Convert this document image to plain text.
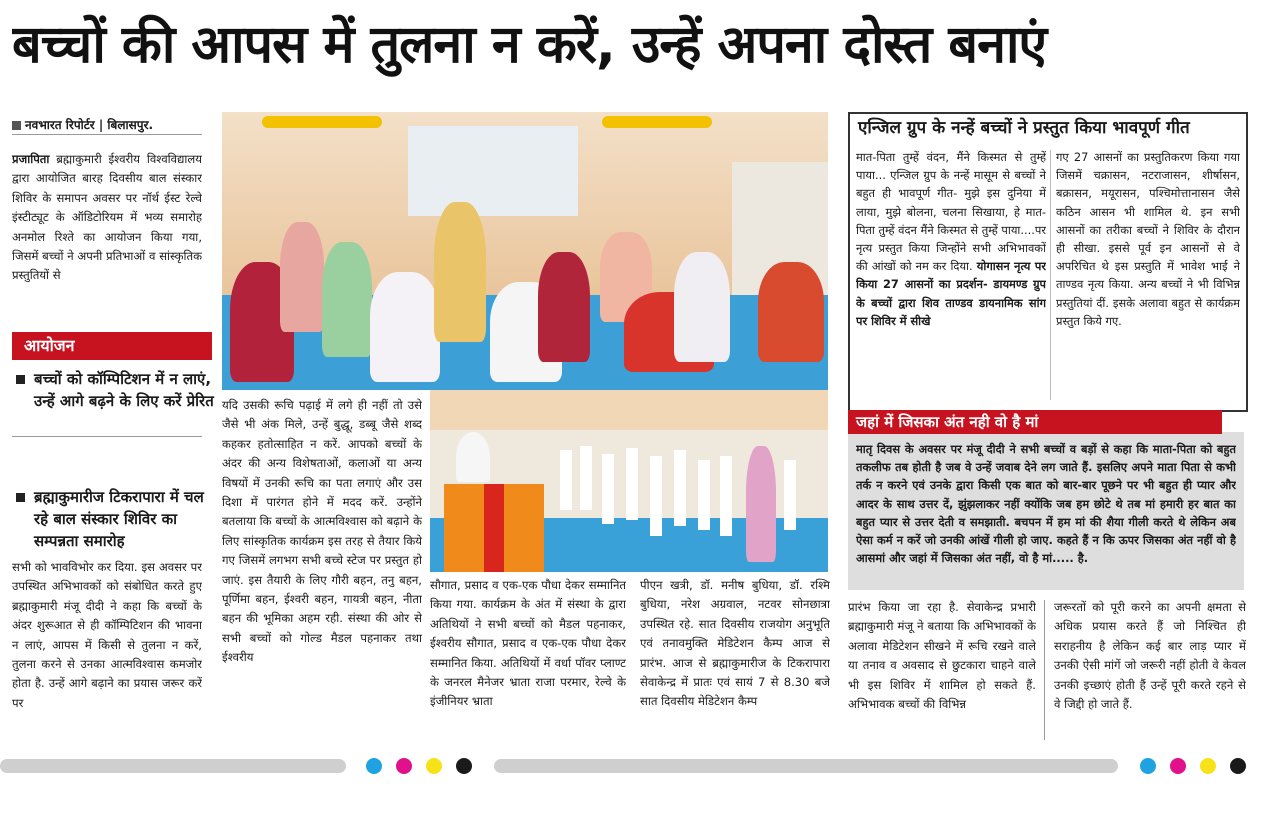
बच्चों की आपस में तुलना न करें, उन्हें अपना दोस्त बनाएं
नवभारत रिपोर्टर | बिलासपुर.
प्रजापिता ब्रह्माकुमारी ईश्वरीय विश्वविद्यालय द्वारा आयोजित बारह दिवसीय बाल संस्कार शिविर के समापन अवसर पर नॉर्थ ईस्ट रेल्वे इंस्टीट्यूट के ऑडिटोरियम में भव्य समारोह अनमोल रिश्ते का आयोजन किया गया, जिसमें बच्चों ने अपनी प्रतिभाओं व सांस्कृतिक प्रस्तुतियों से
आयोजन
बच्चों को कॉम्पिटिशन में न लाएं, उन्हें आगे बढ़ने के लिए करें प्रेरित
ब्रह्माकुमारीज टिकरापारा में चल रहे बाल संस्कार शिविर का सम्पन्नता समारोह
सभी को भावविभोर कर दिया. इस अवसर पर उपस्थित अभिभावकों को संबोधित करते हुए ब्रह्माकुमारी मंजू दीदी ने कहा कि बच्चों के अंदर शुरूआत से ही कॉम्पिटिशन की भावना न लाएं, आपस में किसी से तुलना न करें, तुलना करने से उनका आत्मविश्वास कमजोर होता है. उन्हें आगे बढ़ाने का प्रयास जरूर करें पर
यदि उसकी रूचि पढ़ाई में लगे ही नहीं तो उसे जैसे भी अंक मिले, उन्हें बुद्धू, डब्बू जैसे शब्द कहकर हतोत्साहित न करें. आपको बच्चों के अंदर की अन्य विशेषताओं, कलाओं या अन्य विषयों में उनकी रूचि का पता लगाएं और उस दिशा में पारंगत होने में मदद करें. उन्होंने बतलाया कि बच्चों के आत्मविश्वास को बढ़ाने के लिए सांस्कृतिक कार्यक्रम इस तरह से तैयार किये गए जिसमें लगभग सभी बच्चे स्टेज पर प्रस्तुत हो जाएं. इस तैयारी के लिए गौरी बहन, तनु बहन, पूर्णिमा बहन, ईश्वरी बहन, गायत्री बहन, नीता बहन की भूमिका अहम रही. संस्था की ओर से सभी बच्चों को गोल्ड मैडल पहनाकर तथा ईश्वरीय
सौगात, प्रसाद व एक-एक पौधा देकर सम्मानित किया गया. कार्यक्रम के अंत में संस्था के द्वारा अतिथियों ने सभी बच्चों को मैडल पहनाकर, ईश्वरीय सौगात, प्रसाद व एक-एक पौधा देकर सम्मानित किया. अतिथियों में वर्धा पॉवर प्लाण्ट के जनरल मैनेजर भ्राता राजा परमार, रेल्वे के इंजीनियर भ्राता
पीएन खत्री, डॉ. मनीष बुधिया, डॉ. रश्मि बुधिया, नरेश अग्रवाल, नटवर सोनछात्रा उपस्थित रहे. सात दिवसीय राजयोग अनुभूति एवं तनावमुक्ति मेडिटेशन कैम्प आज से प्रारंभ. आज से ब्रह्माकुमारीज के टिकरापारा सेवाकेन्द्र में प्रातः एवं सायं 7 से 8.30 बजे सात दिवसीय मेडिटेशन कैम्प
एन्जिल ग्रुप के नन्हें बच्चों ने प्रस्तुत किया भावपूर्ण गीत
मात-पिता तुम्हें वंदन, मैंने किस्मत से तुम्हें पाया... एन्जिल ग्रुप के नन्हें मासूम से बच्चों ने बहुत ही भावपूर्ण गीत- मुझे इस दुनिया में लाया, मुझे बोलना, चलना सिखाया, हे मात-पिता तुम्हें वंदन मैंने किस्मत से तुम्हें पाया....पर नृत्य प्रस्तुत किया जिन्होंने सभी अभिभावकों की आंखों को नम कर दिया. योगासन नृत्य पर किया 27 आसनों का प्रदर्शन- डायमण्ड ग्रुप के बच्चों द्वारा शिव ताण्डव डायनामिक सांग पर शिविर में सीखे
गए 27 आसनों का प्रस्तुतिकरण किया गया जिसमें चक्रासन, नटराजासन, शीर्षासन, बक्रासन, मयूरासन, पश्चिमोत्तानासन जैसे कठिन आसन भी शामिल थे. इन सभी आसनों का तरीका बच्चों ने शिविर के दौरान ही सीखा. इससे पूर्व इन आसनों से वे अपरिचित थे इस प्रस्तुति में भावेश भाई ने ताण्डव नृत्य किया. अन्य बच्चों ने भी विभिन्न प्रस्तुतियां दीं. इसके अलावा बहुत से कार्यक्रम प्रस्तुत किये गए.
मातृ दिवस के अवसर पर मंजू दीदी ने सभी बच्चों व बड़ों से कहा कि माता-पिता को बहुत तकलीफ तब होती है जब वे उन्हें जवाब देने लग जाते हैं. इसलिए अपने माता पिता से कभी तर्क न करने एवं उनके द्वारा किसी एक बात को बार-बार पूछने पर भी बहुत ही प्यार और आदर के साथ उत्तर दें, झुंझलाकर नहीं क्योंकि जब हम छोटे थे तब मां हमारी हर बात का बहुत प्यार से उत्तर देती व समझाती. बचपन में हम मां की शैया गीली करते थे लेकिन अब ऐसा कर्म न करें जो उनकी आंखें गीली हो जाए. कहते हैं न कि ऊपर जिसका अंत नहीं वो है आसमां और जहां में जिसका अंत नहीं, वो है मां..... है.
जहां में जिसका अंत नही वो है मां
प्रारंभ किया जा रहा है. सेवाकेन्द्र प्रभारी ब्रह्माकुमारी मंजू ने बताया कि अभिभावकों के अलावा मेडिटेशन सीखने में रूचि रखने वाले या तनाव व अवसाद से छुटकारा चाहने वाले भी इस शिविर में शामिल हो सकते हैं. अभिभावक बच्चों की विभिन्न
जरूरतों को पूरी करने का अपनी क्षमता से अधिक प्रयास करते हैं जो निश्चित ही सराहनीय है लेकिन कई बार लाड़ प्यार में उनकी ऐसी मांगें जो जरूरी नहीं होती वे केवल उनकी इच्छाएं होती हैं उन्हें पूरी करते रहने से वे जिद्दी हो जाते हैं.
